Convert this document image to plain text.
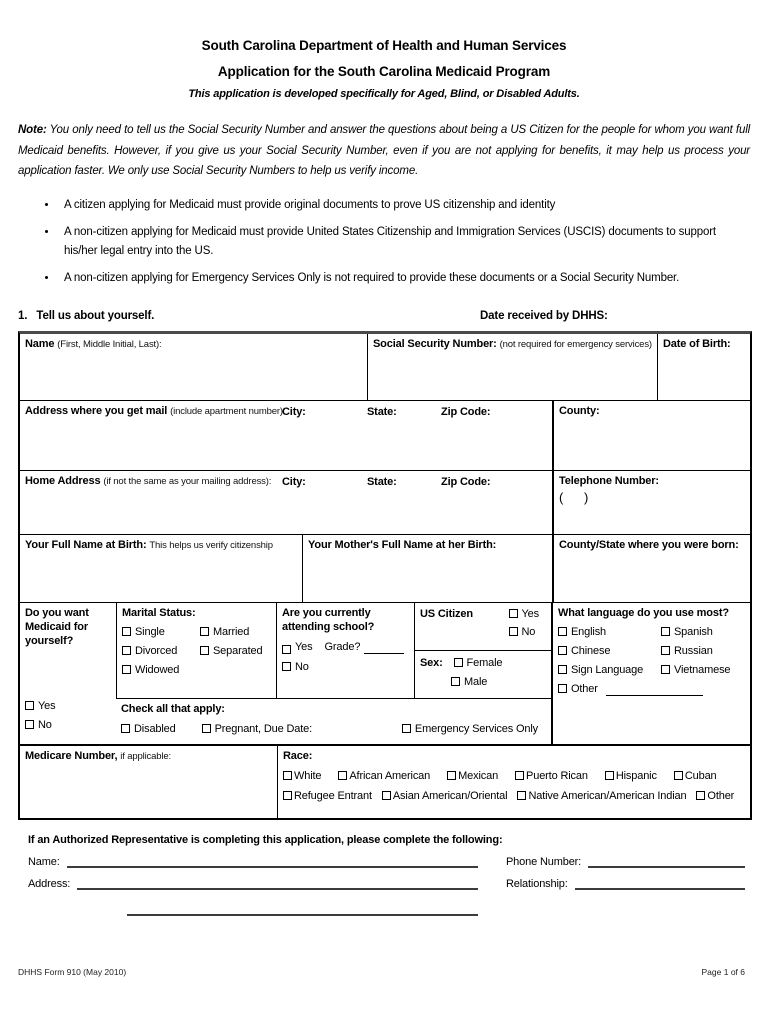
South Carolina Department of Health and Human Services
Application for the South Carolina Medicaid Program
This application is developed specifically for Aged, Blind, or Disabled Adults.

Note: You only need to tell us the Social Security Number and answer the questions about being a US Citizen for the people for whom you want full Medicaid benefits. However, if you give us your Social Security Number, even if you are not applying for benefits, it may help us process your application faster. We only use Social Security Numbers to help us verify income.

• A citizen applying for Medicaid must provide original documents to prove US citizenship and identity
• A non-citizen applying for Medicaid must provide United States Citizenship and Immigration Services (USCIS) documents to support his/her legal entry into the US.
• A non-citizen applying for Emergency Services Only is not required to provide these documents or a Social Security Number.
1.   Tell us about yourself.	Date received by DHHS:
Name (First, Middle Initial, Last):	Social Security Number: (not required for emergency services)	Date of Birth:
Address where you get mail (include apartment number):
City:	State:	Zip Code:	County:
Home Address (if not the same as your mailing address): City:	State:	Zip Code:	Telephone Number:
(      )
Your Full Name at Birth: This helps us verify citizenship	Your Mother's Full Name at her Birth:	County/State where you were born:
Do you want Medicaid for yourself?
Yes
No
Marital Status:
Single	Married
Divorced	Separated
Widowed
Are you currently attending school?
Yes Grade?
No
US Citizen	Yes
No
Sex: Female
Male
What language do you use most?
English	Spanish
Chinese	Russian
Sign Language	Vietnamese
Other
Check all that apply:
Disabled	Pregnant, Due Date:	Emergency Services Only
Medicare Number, if applicable:	Race:
White	African American	Mexican	Puerto Rican	Hispanic	Cuban
Refugee Entrant	Asian American/Oriental	Native American/American Indian	Other
If an Authorized Representative is completing this application, please complete the following:
Name:	Phone Number:
Address:	Relationship:
DHHS Form 910 (May 2010)	Page 1 of 6
